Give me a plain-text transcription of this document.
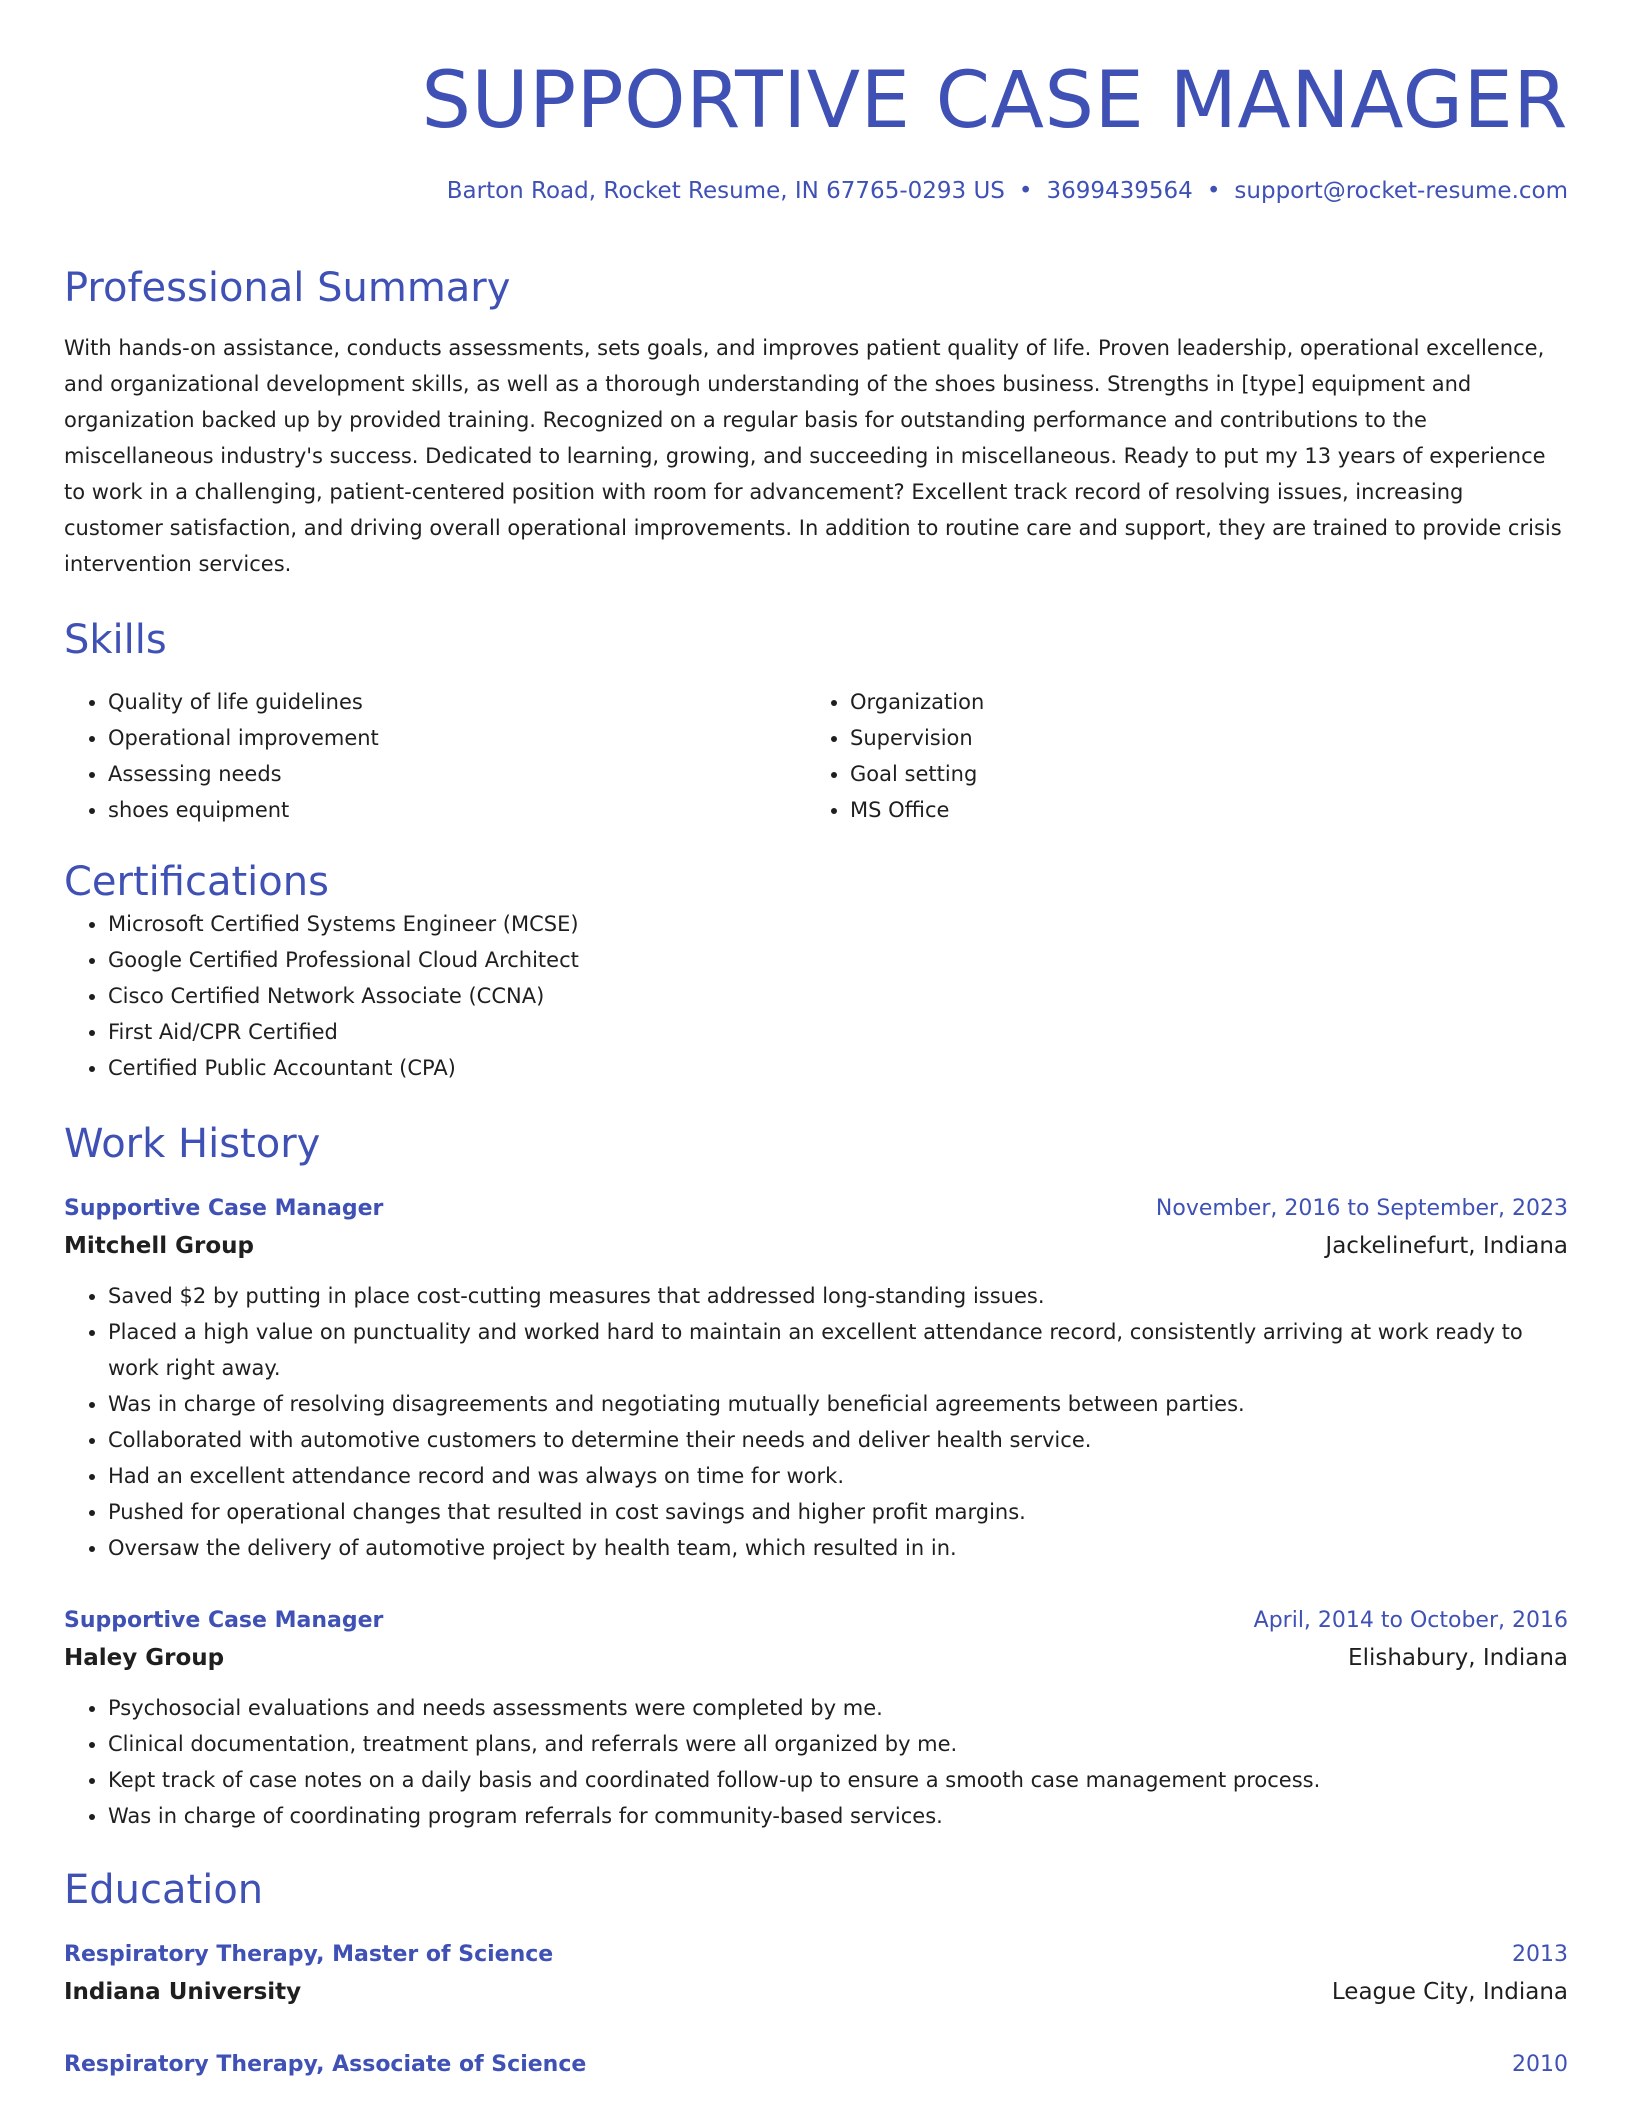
SUPPORTIVE CASE MANAGER
Barton Road, Rocket Resume, IN 67765-0293 US • 3699439564 • support@rocket-resume.com
Professional Summary
With hands-on assistance, conducts assessments, sets goals, and improves patient quality of life. Proven leadership, operational excellence, and organizational development skills, as well as a thorough understanding of the shoes business. Strengths in [type] equipment and organization backed up by provided training. Recognized on a regular basis for outstanding performance and contributions to the miscellaneous industry's success. Dedicated to learning, growing, and succeeding in miscellaneous. Ready to put my 13 years of experience to work in a challenging, patient-centered position with room for advancement? Excellent track record of resolving issues, increasing customer satisfaction, and driving overall operational improvements. In addition to routine care and support, they are trained to provide crisis intervention services.
Skills
• Quality of life guidelines
• Operational improvement
• Assessing needs
• shoes equipment
• Organization
• Supervision
• Goal setting
• MS Office
Certifications
• Microsoft Certified Systems Engineer (MCSE)
• Google Certified Professional Cloud Architect
• Cisco Certified Network Associate (CCNA)
• First Aid/CPR Certified
• Certified Public Accountant (CPA)
Work History
Supportive Case Manager	November, 2016 to September, 2023
Mitchell Group	Jackelinefurt, Indiana
• Saved $2 by putting in place cost-cutting measures that addressed long-standing issues.
• Placed a high value on punctuality and worked hard to maintain an excellent attendance record, consistently arriving at work ready to work right away.
• Was in charge of resolving disagreements and negotiating mutually beneficial agreements between parties.
• Collaborated with automotive customers to determine their needs and deliver health service.
• Had an excellent attendance record and was always on time for work.
• Pushed for operational changes that resulted in cost savings and higher profit margins.
• Oversaw the delivery of automotive project by health team, which resulted in in.
Supportive Case Manager	April, 2014 to October, 2016
Haley Group	Elishabury, Indiana
• Psychosocial evaluations and needs assessments were completed by me.
• Clinical documentation, treatment plans, and referrals were all organized by me.
• Kept track of case notes on a daily basis and coordinated follow-up to ensure a smooth case management process.
• Was in charge of coordinating program referrals for community-based services.
Education
Respiratory Therapy, Master of Science	2013
Indiana University	League City, Indiana
Respiratory Therapy, Associate of Science	2010
